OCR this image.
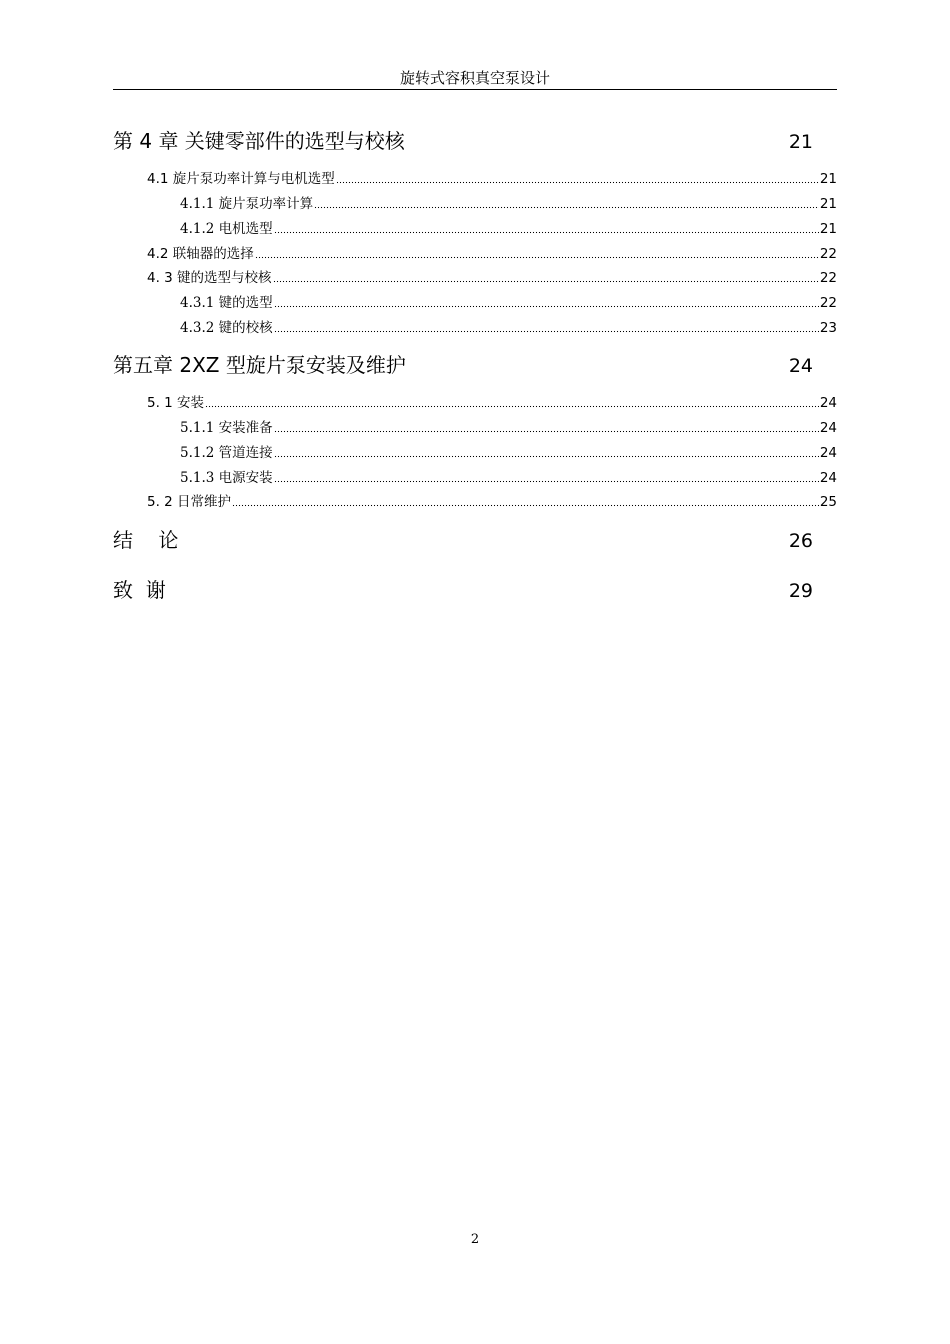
旋转式容积真空泵设计
第 4 章 关键零部件的选型与校核	21
4.1 旋片泵功率计算与电机选型	21
4.1.1 旋片泵功率计算	21
4.1.2 电机选型	21
4.2 联轴器的选择	22
4. 3 键的选型与校核	22
4.3.1 键的选型	22
4.3.2 键的校核	23
第五章 2XZ 型旋片泵安装及维护	24
5. 1 安装	24
5.1.1 安装准备	24
5.1.2 管道连接	24
5.1.3 电源安装	24
5. 2 日常维护	25
结    论	26
致  谢	29
2
